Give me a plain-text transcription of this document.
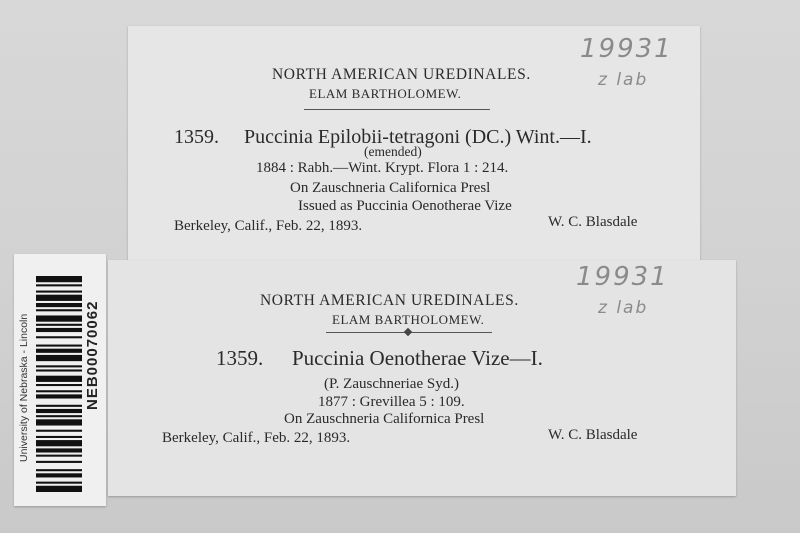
NORTH AMERICAN UREDINALES.
ELAM BARTHOLOMEW.
1359. Puccinia Epilobii-tetragoni (DC.) Wint.—I.
(emended)
1884 : Rabh.—Wint. Krypt. Flora 1 : 214.
On Zauschneria Californica Presl
Issued as Puccinia Oenotherae Vize
Berkeley, Calif., Feb. 22, 1893.	W. C. Blasdale
19931
z lab
NORTH AMERICAN UREDINALES.
ELAM BARTHOLOMEW.
1359. Puccinia Oenotherae Vize—I.
(P. Zauschneriae Syd.)
1877 : Grevillea 5 : 109.
On Zauschneria Californica Presl
Berkeley, Calif., Feb. 22, 1893.	W. C. Blasdale
19931
z lab
University of Nebraska - Lincoln	NEB00070062
